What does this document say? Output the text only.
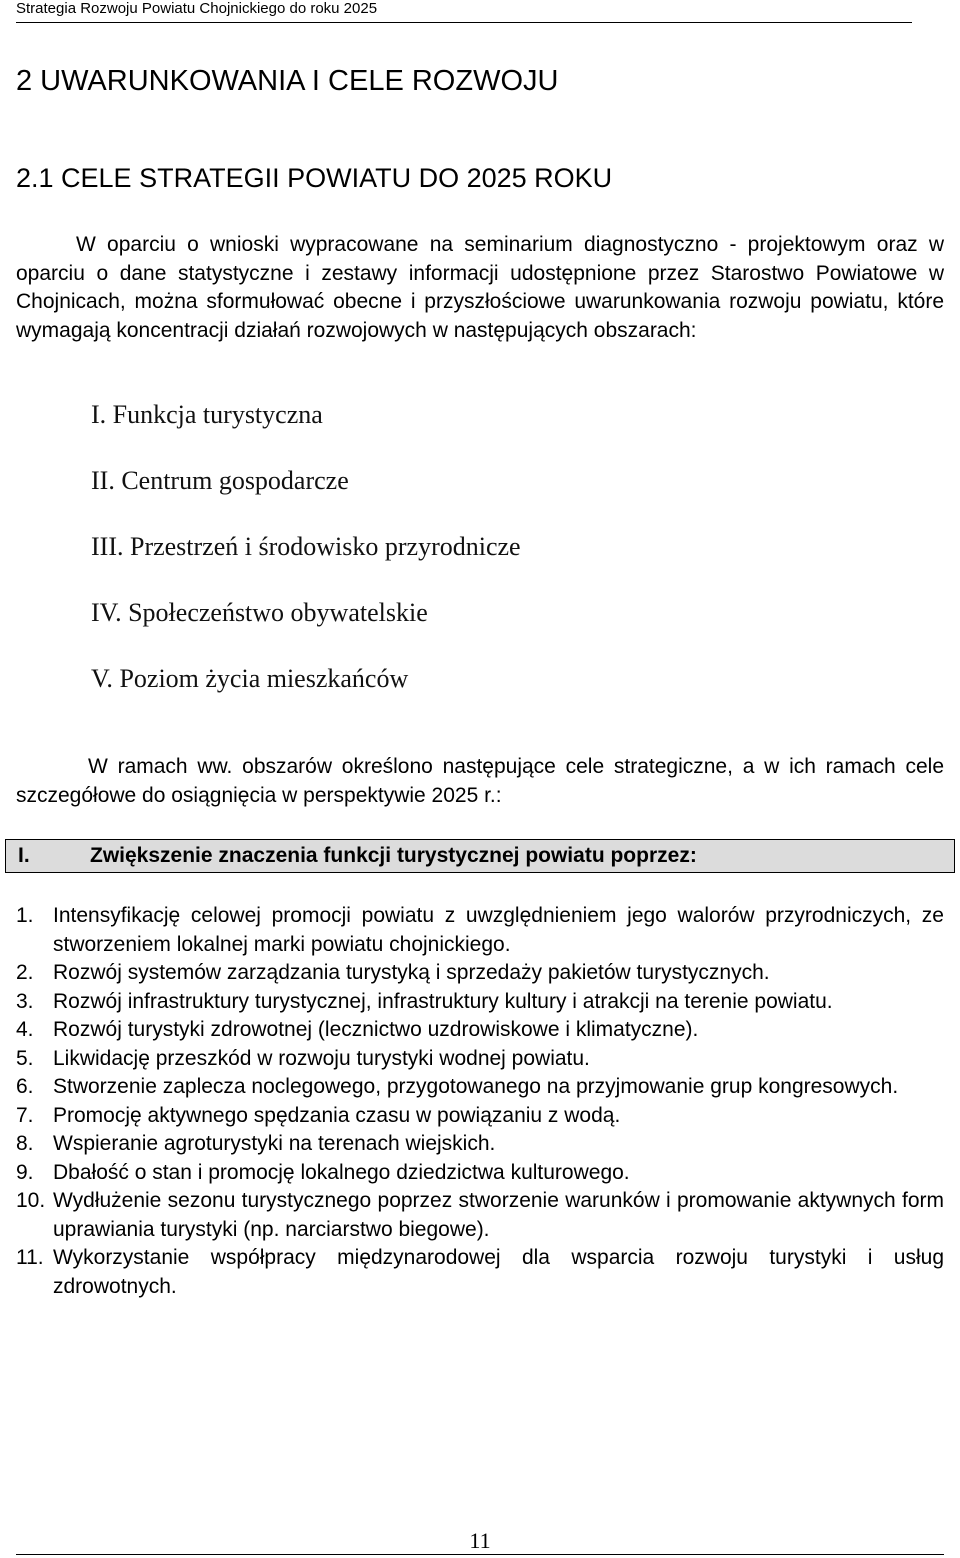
Strategia Rozwoju Powiatu Chojnickiego do roku 2025
2 UWARUNKOWANIA I CELE ROZWOJU
2.1 CELE STRATEGII POWIATU DO 2025 ROKU

W oparciu o wnioski wypracowane na seminarium diagnostyczno - projektowym oraz w oparciu o dane statystyczne i zestawy informacji udostępnione przez Starostwo Powiatowe w Chojnicach, można sformułować obecne i przyszłościowe uwarunkowania rozwoju powiatu, które wymagają koncentracji działań rozwojowych w następujących obszarach:

I. Funkcja turystyczna
II. Centrum gospodarcze
III. Przestrzeń i środowisko przyrodnicze
IV. Społeczeństwo obywatelskie
V. Poziom życia mieszkańców

W ramach ww. obszarów określono następujące cele strategiczne, a w ich ramach cele szczegółowe do osiągnięcia w perspektywie 2025 r.:

I.	Zwiększenie znaczenia funkcji turystycznej powiatu poprzez:
1. Intensyfikację celowej promocji powiatu z uwzględnieniem jego walorów przyrodniczych, ze stworzeniem lokalnej marki powiatu chojnickiego.
2. Rozwój systemów zarządzania turystyką i sprzedaży pakietów turystycznych.
3. Rozwój infrastruktury turystycznej, infrastruktury kultury i atrakcji na terenie powiatu.
4. Rozwój turystyki zdrowotnej (lecznictwo uzdrowiskowe i klimatyczne).
5. Likwidację przeszkód w rozwoju turystyki wodnej powiatu.
6. Stworzenie zaplecza noclegowego, przygotowanego na przyjmowanie grup kongresowych.
7. Promocję aktywnego spędzania czasu w powiązaniu z wodą.
8. Wspieranie agroturystyki na terenach wiejskich.
9. Dbałość o stan i promocję lokalnego dziedzictwa kulturowego.
10. Wydłużenie sezonu turystycznego poprzez stworzenie warunków i promowanie aktywnych form uprawiania turystyki (np. narciarstwo biegowe).
11. Wykorzystanie współpracy międzynarodowej dla wsparcia rozwoju turystyki i usług zdrowotnych.
11
